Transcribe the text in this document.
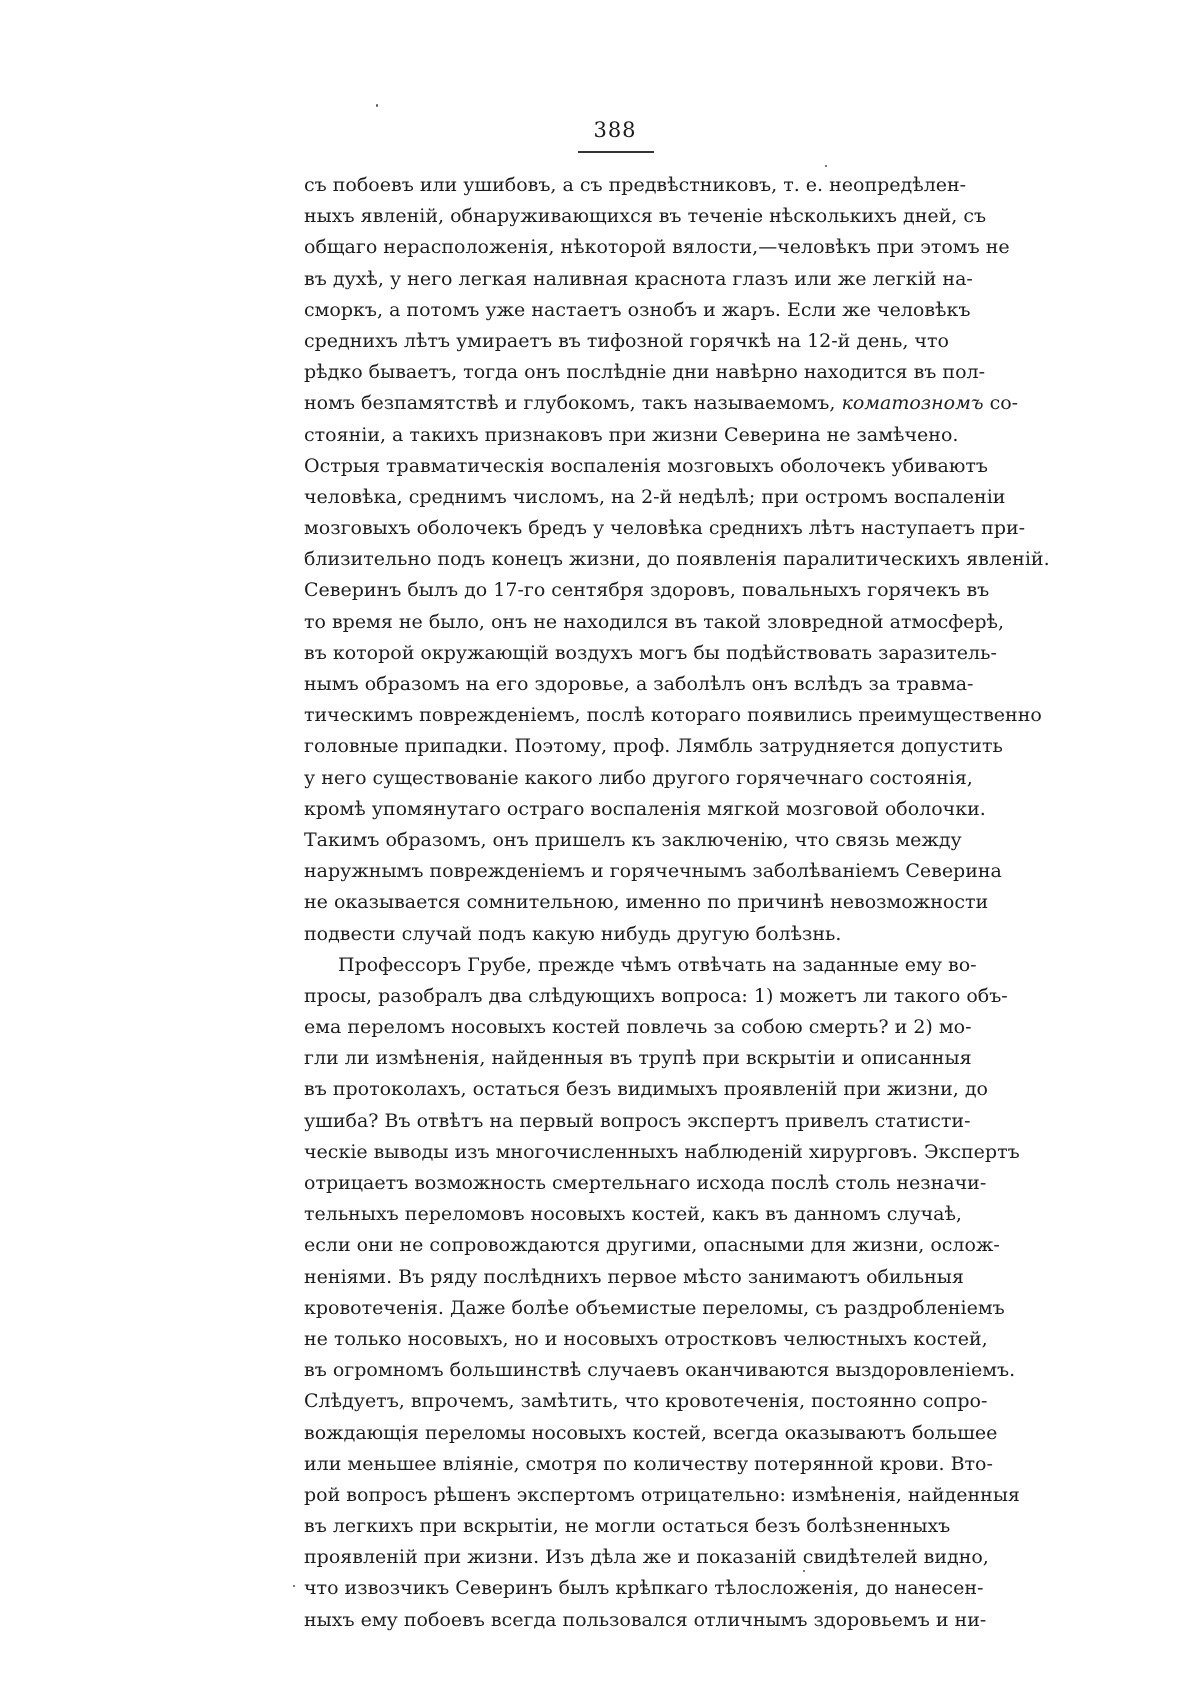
388
съ побоевъ или ушибовъ, а съ предвѣстниковъ, т. е. неопредѣлен-
ныхъ явленій, обнаруживающихся въ теченіе нѣсколькихъ дней, съ
общаго нерасположенія, нѣкоторой вялости,—человѣкъ при этомъ не
въ духѣ, у него легкая наливная краснота глазъ или же легкій на-
сморкъ, а потомъ уже настаетъ ознобъ и жаръ. Если же человѣкъ
среднихъ лѣтъ умираетъ въ тифозной горячкѣ на 12-й день, что
рѣдко бываетъ, тогда онъ послѣдніе дни навѣрно находится въ пол-
номъ безпамятствѣ и глубокомъ, такъ называемомъ, коматозномъ со-
стояніи, а такихъ признаковъ при жизни Северина не замѣчено.
Острыя травматическія воспаленія мозговыхъ оболочекъ убиваютъ
человѣка, среднимъ числомъ, на 2-й недѣлѣ; при остромъ воспаленіи
мозговыхъ оболочекъ бредъ у человѣка среднихъ лѣтъ наступаетъ при-
близительно подъ конецъ жизни, до появленія паралитическихъ явленій.
Северинъ былъ до 17-го сентября здоровъ, повальныхъ горячекъ въ
то время не было, онъ не находился въ такой зловредной атмосферѣ,
въ которой окружающій воздухъ могъ бы подѣйствовать заразитель-
нымъ образомъ на его здоровье, а заболѣлъ онъ вслѣдъ за травма-
тическимъ поврежденіемъ, послѣ котораго появились преимущественно
головные припадки. Поэтому, проф. Лямбль затрудняется допустить
у него существованіе какого либо другого горячечнаго состоянія,
кромѣ упомянутаго остраго воспаленія мягкой мозговой оболочки.
Такимъ образомъ, онъ пришелъ къ заключенію, что связь между
наружнымъ поврежденіемъ и горячечнымъ заболѣваніемъ Северина
не оказывается сомнительною, именно по причинѣ невозможности
подвести случай подъ какую нибудь другую болѣзнь.
Профессоръ Грубе, прежде чѣмъ отвѣчать на заданные ему во-
просы, разобралъ два слѣдующихъ вопроса: 1) можетъ ли такого объ-
ема переломъ носовыхъ костей повлечь за собою смерть? и 2) мо-
гли ли измѣненія, найденныя въ трупѣ при вскрытіи и описанныя
въ протоколахъ, остаться безъ видимыхъ проявленій при жизни, до
ушиба? Въ отвѣтъ на первый вопросъ экспертъ привелъ статисти-
ческіе выводы изъ многочисленныхъ наблюденій хирурговъ. Экспертъ
отрицаетъ возможность смертельнаго исхода послѣ столь незначи-
тельныхъ переломовъ носовыхъ костей, какъ въ данномъ случаѣ,
если они не сопровождаются другими, опасными для жизни, ослож-
неніями. Въ ряду послѣднихъ первое мѣсто занимаютъ обильныя
кровотеченія. Даже болѣе объемистые переломы, съ раздробленіемъ
не только носовыхъ, но и носовыхъ отростковъ челюстныхъ костей,
въ огромномъ большинствѣ случаевъ оканчиваются выздоровленіемъ.
Слѣдуетъ, впрочемъ, замѣтить, что кровотеченія, постоянно сопро-
вождающія переломы носовыхъ костей, всегда оказываютъ большее
или меньшее вліяніе, смотря по количеству потерянной крови. Вто-
рой вопросъ рѣшенъ экспертомъ отрицательно: измѣненія, найденныя
въ легкихъ при вскрытіи, не могли остаться безъ болѣзненныхъ
проявленій при жизни. Изъ дѣла же и показаній свидѣтелей видно,
что извозчикъ Северинъ былъ крѣпкаго тѣлосложенія, до нанесен-
ныхъ ему побоевъ всегда пользовался отличнымъ здоровьемъ и ни-
